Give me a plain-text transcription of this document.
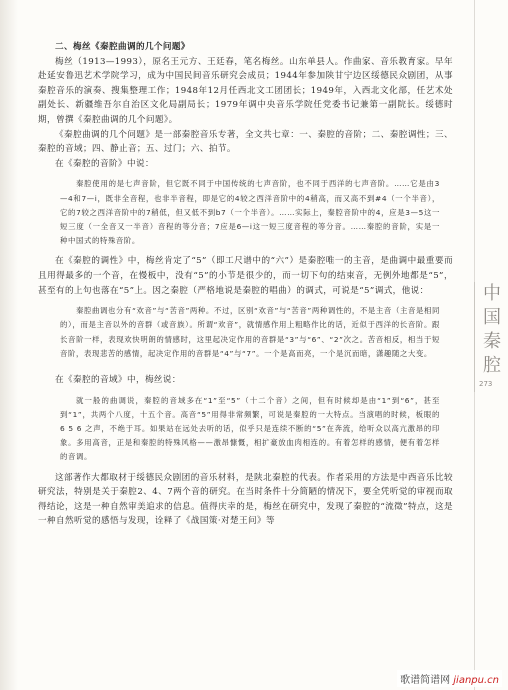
二、梅丝《秦腔曲调的几个问题》

梅丝（1913—1993），原名王元方、王廷春，笔名梅丝。山东单县人。作曲家、音乐教育家。早年赴延安鲁迅艺术学院学习，成为中国民间音乐研究会成员；1944年参加陕甘宁边区绥德民众剧团，从事秦腔音乐的演奏、搜集整理工作；1948年12月任西北文工团团长；1949年，入西北文化部，任艺术处副处长、新疆维吾尔自治区文化局副局长；1979年调中央音乐学院任党委书记兼第一副院长。绥德时期，曾撰《秦腔曲调的几个问题》。

《秦腔曲调的几个问题》是一部秦腔音乐专著，全文共七章：一、秦腔的音阶；二、秦腔调性；三、秦腔的音域；四、静止音；五、过门；六、拍节。

在《秦腔的音阶》中说：

秦腔使用的是七声音阶，但它既不同于中国传统的七声音阶，也不同于西洋的七声音阶。……它是由3—4和7—i，既非全音程，也非半音程，即是它的4较之西洋音阶中的4稍高，而又高不到#4（一个半音），它的7较之西洋音阶中的7稍低，但又低不到b7（一个半音）。……实际上，秦腔音阶中的4，应是3—5这一短三度（一全音又一半音）音程的等分音；7应是6—i这一短三度音程的等分音。……秦腔的音阶，实是一种中国式的特殊音阶。

在《秦腔的调性》中，梅丝肯定了“5”（即工尺谱中的“六”）是秦腔唯一的主音，是曲调中最重要而且用得最多的一个音，在慢板中，没有“5”的小节是很少的，而一切下句的结束音，无例外地都是“5”，甚至有的上句也落在“5”上。因之秦腔（严格地说是秦腔的唱曲）的调式，可说是“5”调式，他说：

秦腔曲调也分有“欢音”与“苦音”两种。不过，区别“欢音”与“苦音”两种调性的，不是主音（主音是相同的），而是主音以外的音群（或音族）。所谓“欢音”，就情感作用上粗略作比的话，近似于西洋的长音阶。跟长音阶一样，表现欢快明朗的情感时，这里起决定作用的音群是“3”与“6”、“2”次之。苦音相反，相当于短音阶，表现悲苦的感情，起决定作用的音群是“4”与“7”。一个是高而亮，一个是沉而暗，潇趣随之大变。

在《秦腔的音域》中，梅丝说：

就一般的曲调说，秦腔的音域多在“1”至“5”（十二个音）之间，但有时候却是由“1”到“6”，甚至到“1”，共两个八度，十五个音。高音“5”用得非常频繁，可说是秦腔的一大特点。当演唱的时候，板眼的 6 5 6 之声，不绝于耳。如果站在远处去听的话，似乎只是连续不断的“5”在奔流，给听众以高亢激昂的印象。多用高音，正是和秦腔的特殊风格——激昂慷慨，相扩豪放血肉相连的。有着怎样的感情，便有着怎样的音调。

这部著作大都取材于绥德民众剧团的音乐材料，是陕北秦腔的代表。作者采用的方法是中西音乐比较研究法，特别是关于秦腔2、4、7两个音的研究。在当时条件十分简陋的情况下，要全凭听觉的审视而取得结论，这是一种自然审美追求的信息。值得庆幸的是，梅丝在研究中，发现了秦腔的“流徵”特点，这是一种自然听觉的感悟与发现，诠释了《战国策·对楚王问》等

中
国
秦
腔
273
歌谱简谱网 jianpu.cn
